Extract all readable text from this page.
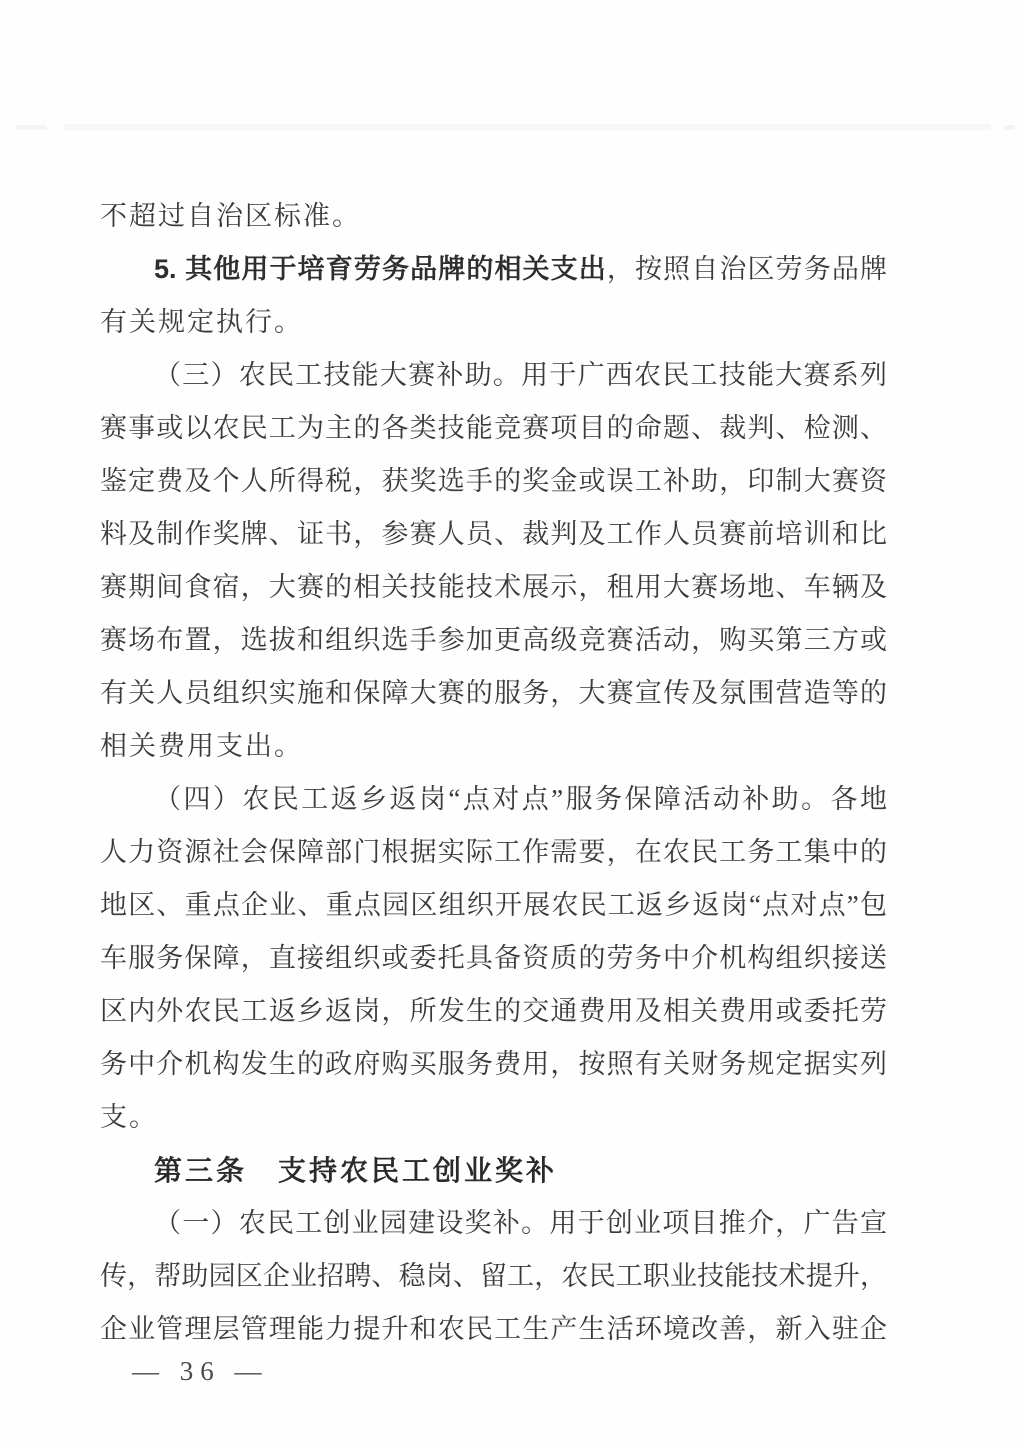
不超过自治区标准。
5. 其他用于培育劳务品牌的相关支出，按照自治区劳务品牌
有关规定执行。
（三）农民工技能大赛补助。用于广西农民工技能大赛系列
赛事或以农民工为主的各类技能竞赛项目的命题、裁判、检测、
鉴定费及个人所得税，获奖选手的奖金或误工补助，印制大赛资
料及制作奖牌、证书，参赛人员、裁判及工作人员赛前培训和比
赛期间食宿，大赛的相关技能技术展示，租用大赛场地、车辆及
赛场布置，选拔和组织选手参加更高级竞赛活动，购买第三方或
有关人员组织实施和保障大赛的服务，大赛宣传及氛围营造等的
相关费用支出。
（四）农民工返乡返岗“点对点”服务保障活动补助。各地
人力资源社会保障部门根据实际工作需要，在农民工务工集中的
地区、重点企业、重点园区组织开展农民工返乡返岗“点对点”包
车服务保障，直接组织或委托具备资质的劳务中介机构组织接送
区内外农民工返乡返岗，所发生的交通费用及相关费用或委托劳
务中介机构发生的政府购买服务费用，按照有关财务规定据实列
支。
第三条　支持农民工创业奖补
（一）农民工创业园建设奖补。用于创业项目推介，广告宣
传，帮助园区企业招聘、稳岗、留工，农民工职业技能技术提升，
企业管理层管理能力提升和农民工生产生活环境改善，新入驻企
— 36 —
